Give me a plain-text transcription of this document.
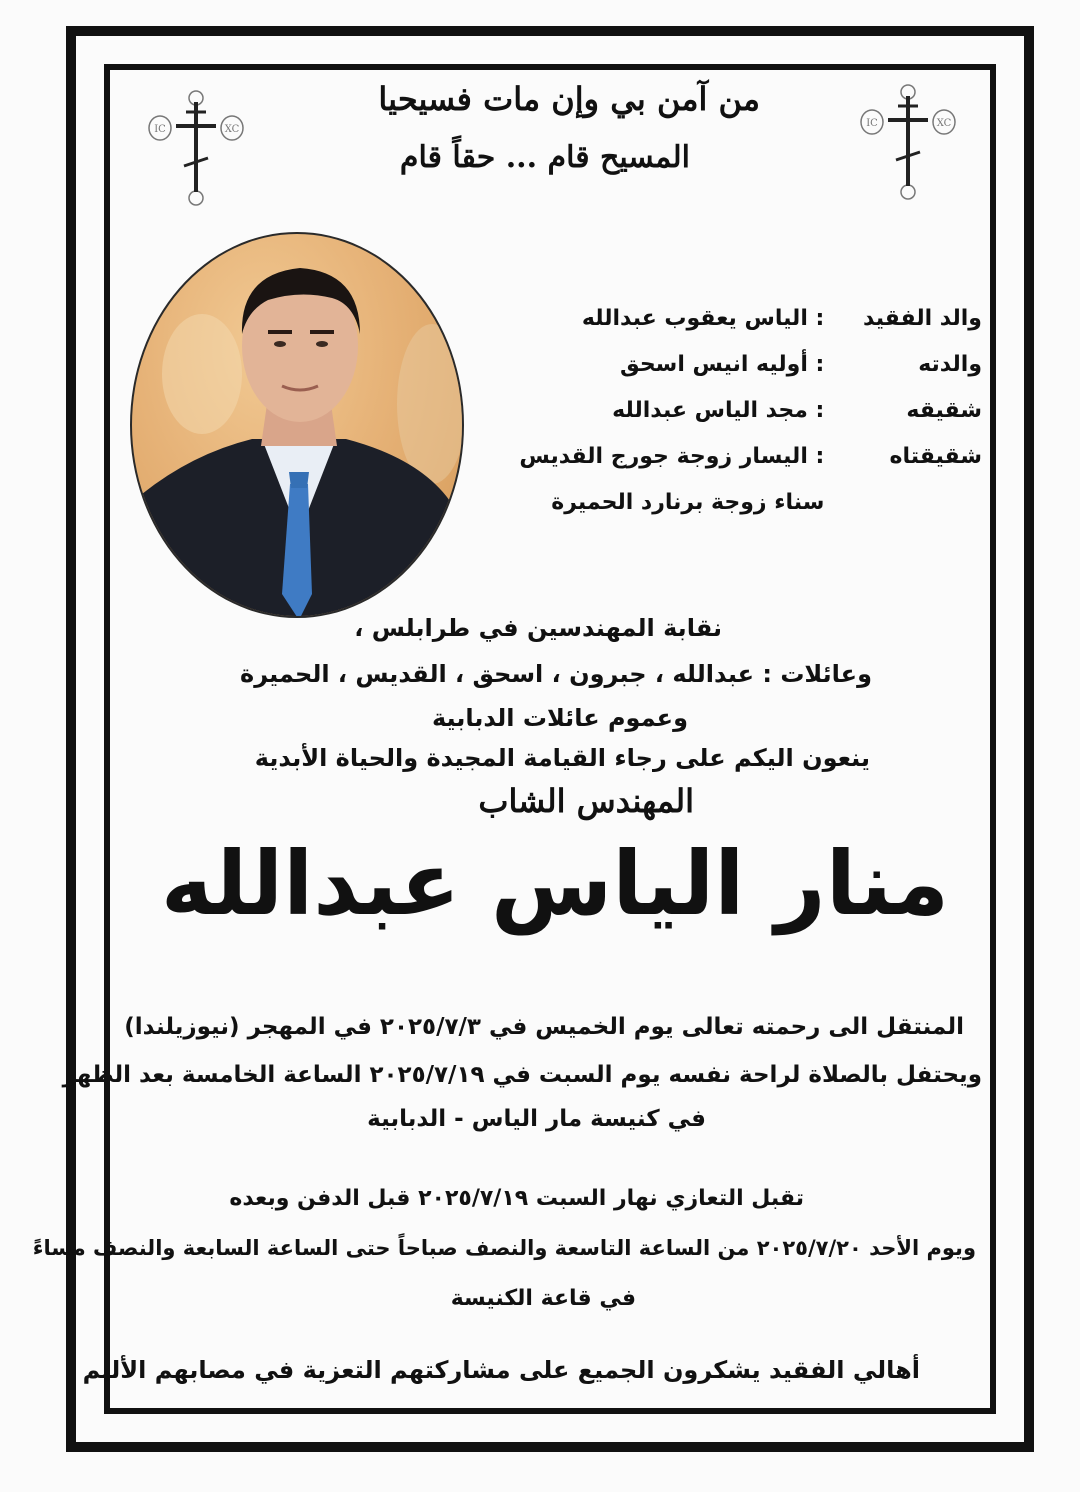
IC	XC
IC	XC
من آمن بي وإن مات فسيحيا
المسيح قام ... حقاً قام
والد الفقيد : الياس يعقوب عبدالله
والدته : أوليه انيس اسحق
شقيقه : مجد الياس عبدالله
شقيقتاه : اليسار زوجة جورج القديس
سناء زوجة برنارد الحميرة
نقابة المهندسين في طرابلس ،
وعائلات : عبدالله ، جبرون ، اسحق ، القديس ، الحميرة
وعموم عائلات الدبابية
ينعون اليكم على رجاء القيامة المجيدة والحياة الأبدية
المهندس الشاب
منار الياس عبدالله
المنتقل الى رحمته تعالى يوم الخميس في ٢٠٢٥/٧/٣ في المهجر (نيوزيلندا)
ويحتفل بالصلاة لراحة نفسه يوم السبت في ٢٠٢٥/٧/١٩ الساعة الخامسة بعد الظهر
في كنيسة مار الياس - الدبابية
تقبل التعازي نهار السبت ٢٠٢٥/٧/١٩ قبل الدفن وبعده
ويوم الأحد ٢٠٢٥/٧/٢٠ من الساعة التاسعة والنصف صباحاً حتى الساعة السابعة والنصف مساءً
في قاعة الكنيسة
أهالي الفقيد يشكرون الجميع على مشاركتهم التعزية في مصابهم الأليم
